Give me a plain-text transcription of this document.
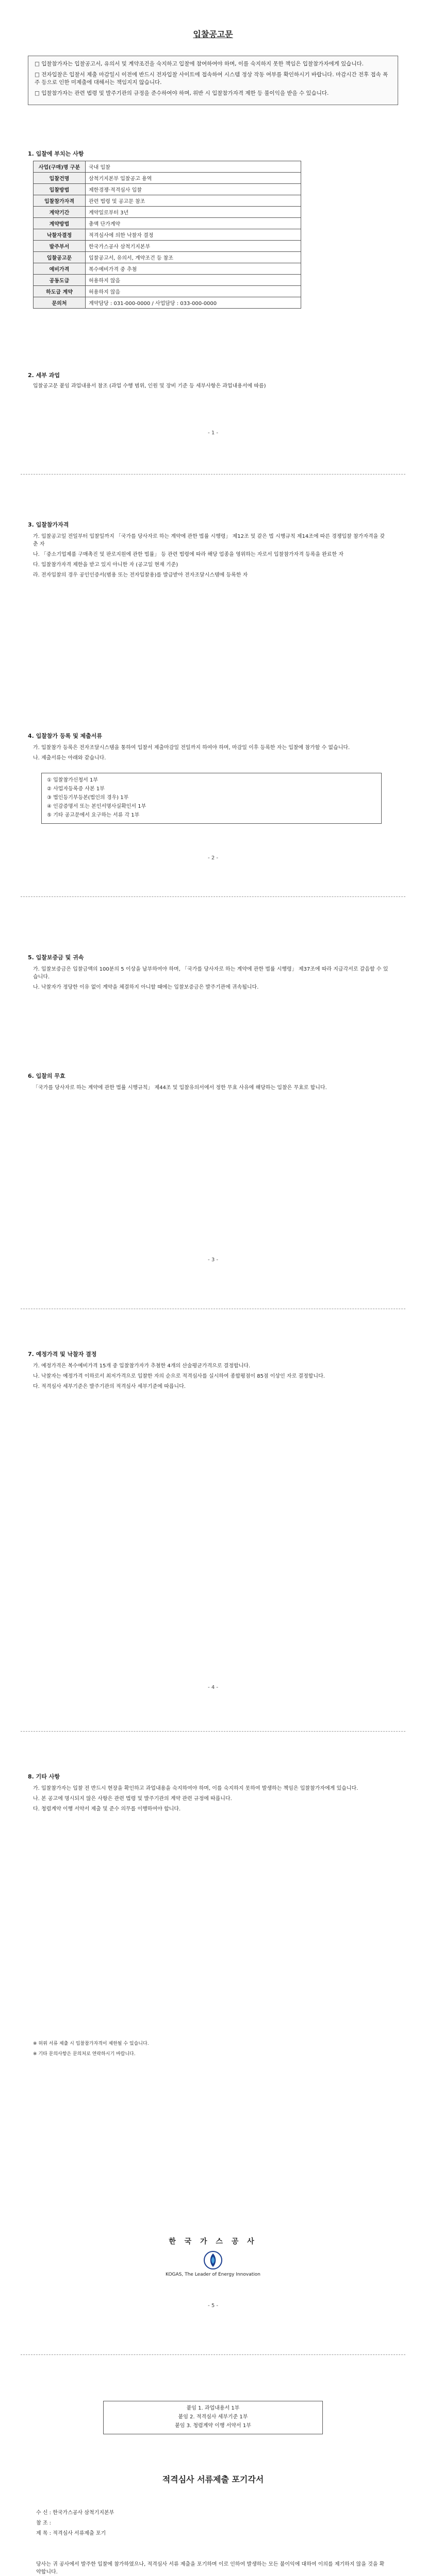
입찰공고문

□ 입찰참가자는 입찰공고서, 유의서 및 계약조건을 숙지하고 입찰에 참여하여야 하며, 이를 숙지하지 못한 책임은 입찰참가자에게 있습니다.

□ 전자입찰은 입찰서 제출 마감일시 이전에 반드시 전자입찰 사이트에 접속하여 시스템 정상 작동 여부를 확인하시기 바랍니다. 마감시간 전후 접속 폭주 등으로 인한 미제출에 대해서는 책임지지 않습니다.

□ 입찰참가자는 관련 법령 및 발주기관의 규정을 준수하여야 하며, 위반 시 입찰참가자격 제한 등 불이익을 받을 수 있습니다.

1. 입찰에 부치는 사항
사업(구매)명 구분	국내 입찰
입찰건명	삼척기지본부 입찰공고 용역
입찰방법	제한경쟁·적격심사 입찰
입찰참가자격	관련 법령 및 공고문 참조
계약기간	계약일로부터 3년
계약방법	총액 단가계약
낙찰자결정	적격심사에 의한 낙찰자 결정
발주부서	한국가스공사 삼척기지본부
입찰공고문	입찰공고서, 유의서, 계약조건 등 참조
예비가격	복수예비가격 중 추첨
공동도급	허용하지 않음
하도급 계약	허용하지 않음
문의처	계약담당 : 031-000-0000 / 사업담당 : 033-000-0000
2. 세부 과업
입찰공고문 붙임 과업내용서 참조 (과업 수행 범위, 인원 및 장비 기준 등 세부사항은 과업내용서에 따름)
- 1 -
3. 입찰참가자격

가. 입찰공고일 전일부터 입찰일까지 「국가를 당사자로 하는 계약에 관한 법률 시행령」 제12조 및 같은 법 시행규칙 제14조에 따른 경쟁입찰 참가자격을 갖춘 자

나. 「중소기업제품 구매촉진 및 판로지원에 관한 법률」 등 관련 법령에 따라 해당 업종을 영위하는 자로서 입찰참가자격 등록을 완료한 자

다. 입찰참가자격 제한을 받고 있지 아니한 자 (공고일 현재 기준)

라. 전자입찰의 경우 공인인증서(범용 또는 전자입찰용)를 발급받아 전자조달시스템에 등록한 자

4. 입찰참가 등록 및 제출서류

가. 입찰참가 등록은 전자조달시스템을 통하여 입찰서 제출마감일 전일까지 하여야 하며, 마감일 이후 등록한 자는 입찰에 참가할 수 없습니다.

나. 제출서류는 아래와 같습니다.

① 입찰참가신청서 1부

② 사업자등록증 사본 1부

③ 법인등기부등본(법인의 경우) 1부

④ 인감증명서 또는 본인서명사실확인서 1부

⑤ 기타 공고문에서 요구하는 서류 각 1부

- 2 -
5. 입찰보증금 및 귀속

가. 입찰보증금은 입찰금액의 100분의 5 이상을 납부하여야 하며, 「국가를 당사자로 하는 계약에 관한 법률 시행령」 제37조에 따라 지급각서로 갈음할 수 있습니다.

나. 낙찰자가 정당한 이유 없이 계약을 체결하지 아니할 때에는 입찰보증금은 발주기관에 귀속됩니다.

6. 입찰의 무효
「국가를 당사자로 하는 계약에 관한 법률 시행규칙」 제44조 및 입찰유의서에서 정한 무효 사유에 해당하는 입찰은 무효로 합니다.
- 3 -
7. 예정가격 및 낙찰자 결정

가. 예정가격은 복수예비가격 15개 중 입찰참가자가 추첨한 4개의 산술평균가격으로 결정합니다.

나. 낙찰자는 예정가격 이하로서 최저가격으로 입찰한 자의 순으로 적격심사를 실시하여 종합평점이 85점 이상인 자로 결정합니다.

다. 적격심사 세부기준은 발주기관의 적격심사 세부기준에 따릅니다.

- 4 -
8. 기타 사항

가. 입찰참가자는 입찰 전 반드시 현장을 확인하고 과업내용을 숙지하여야 하며, 이를 숙지하지 못하여 발생하는 책임은 입찰참가자에게 있습니다.

나. 본 공고에 명시되지 않은 사항은 관련 법령 및 발주기관의 계약 관련 규정에 따릅니다.

다. 청렴계약 이행 서약서 제출 및 준수 의무를 이행하여야 합니다.

※ 허위 서류 제출 시 입찰참가자격이 제한될 수 있습니다.

※ 기타 문의사항은 문의처로 연락하시기 바랍니다.

한 국 가 스 공 사
KOGAS, The Leader of Energy Innovation
- 5 -

붙임 1. 과업내용서 1부

붙임 2. 적격심사 세부기준 1부

붙임 3. 청렴계약 이행 서약서 1부

적격심사 서류제출 포기각서

수 신 : 한국가스공사 삼척기지본부

참 조 :

제 목 : 적격심사 서류제출 포기

당사는 귀 공사에서 발주한 입찰에 참가하였으나, 적격심사 서류 제출을 포기하며 이로 인하여 발생하는 모든 불이익에 대하여 이의를 제기하지 않을 것을 확약합니다.
